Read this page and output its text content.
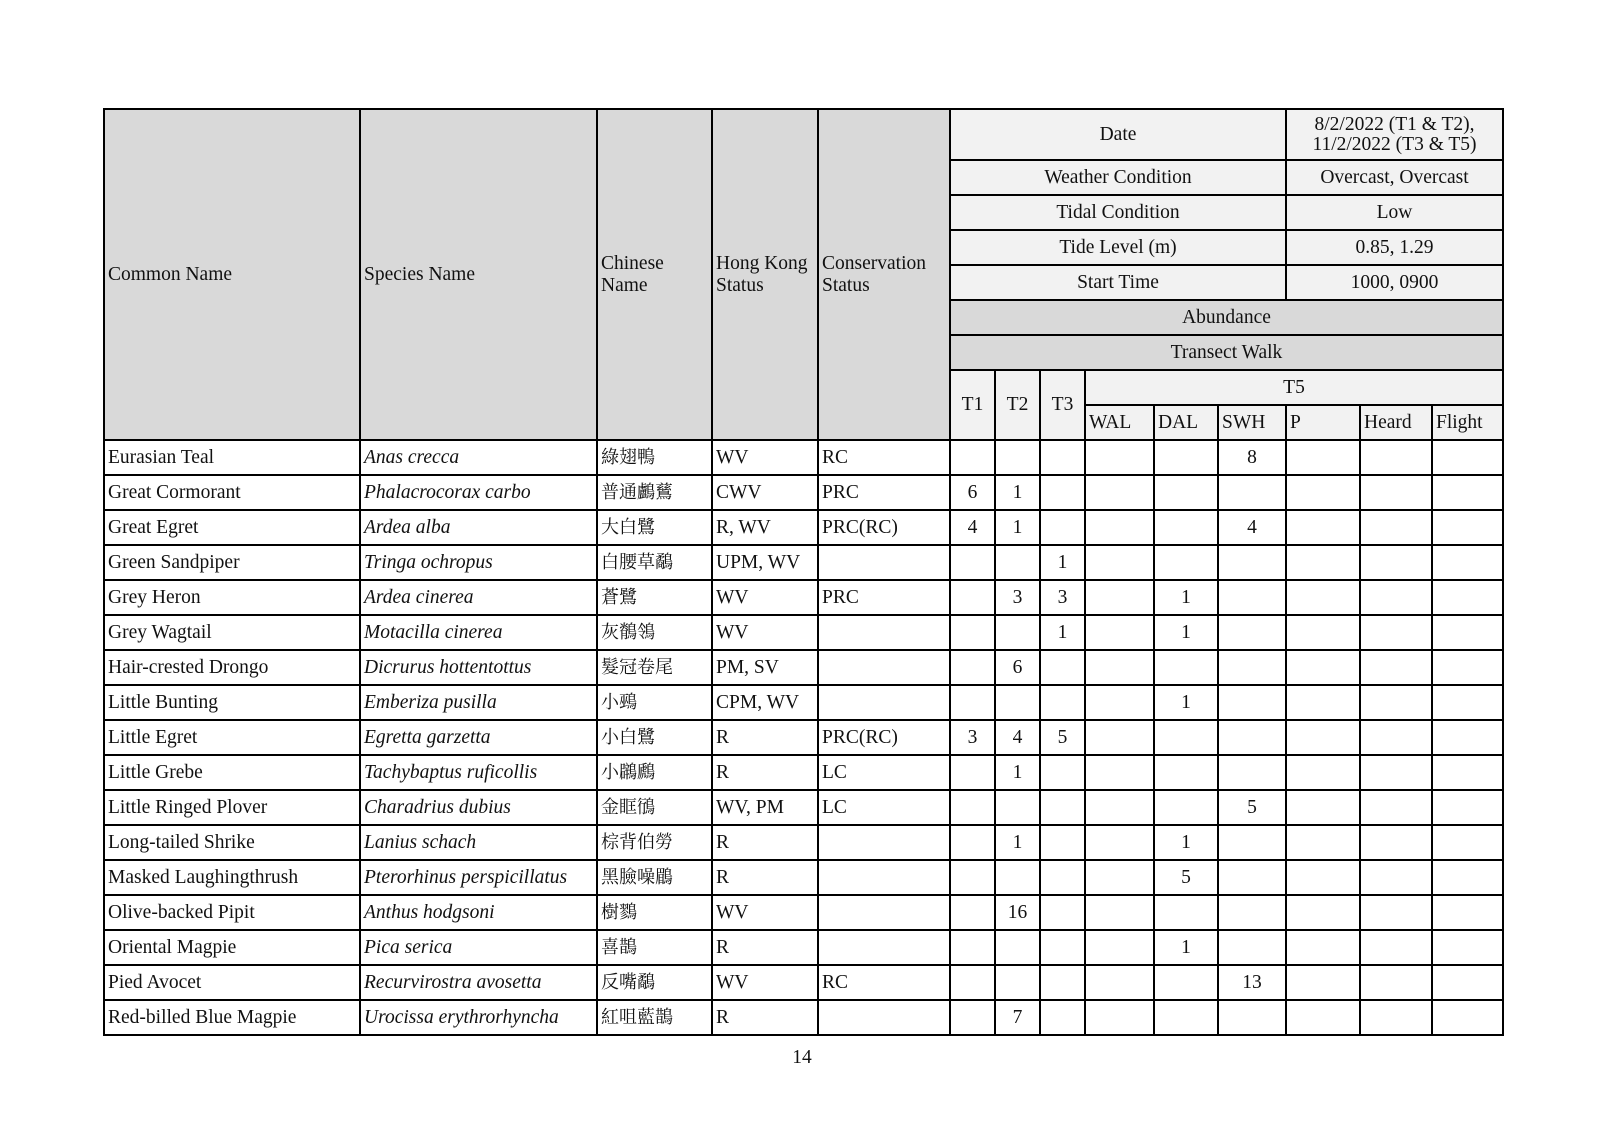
Common Name	Species Name	Chinese Name	Hong Kong Status	Conservation Status	Date						8/2/2022 (T1 & T2), 11/2/2022 (T3 & T5)		
					Weather Condition						Overcast, Overcast		
					Tidal Condition						Low		
					Tide Level (m)						0.85, 1.29		
					Start Time						1000, 0900		
					Abundance								
					Transect Walk								
					T1	T2	T3	T5					
								WAL	DAL	SWH	P	Heard	Flight
Eurasian Teal	Anas crecca	綠翅鴨	WV	RC						8			
Great Cormorant	Phalacrocorax carbo	普通鸕鶿	CWV	PRC	6	1							
Great Egret	Ardea alba	大白鷺	R, WV	PRC(RC)	4	1				4			
Green Sandpiper	Tringa ochropus	白腰草鷸	UPM, WV				1						
Grey Heron	Ardea cinerea	蒼鷺	WV	PRC		3	3		1				
Grey Wagtail	Motacilla cinerea	灰鶺鴒	WV				1		1				
Hair-crested Drongo	Dicrurus hottentottus	髮冠卷尾	PM, SV			6							
Little Bunting	Emberiza pusilla	小鵐	CPM, WV						1				
Little Egret	Egretta garzetta	小白鷺	R	PRC(RC)	3	4	5						
Little Grebe	Tachybaptus ruficollis	小鸊鷉	R	LC		1							
Little Ringed Plover	Charadrius dubius	金眶鴴	WV, PM	LC						5			
Long-tailed Shrike	Lanius schach	棕背伯勞	R			1			1				
Masked Laughingthrush	Pterorhinus perspicillatus	黑臉噪鶥	R						5				
Olive-backed Pipit	Anthus hodgsoni	樹鷚	WV			16							
Oriental Magpie	Pica serica	喜鵲	R						1				
Pied Avocet	Recurvirostra avosetta	反嘴鷸	WV	RC						13			
Red-billed Blue Magpie	Urocissa erythrorhyncha	紅咀藍鵲	R			7							
14
